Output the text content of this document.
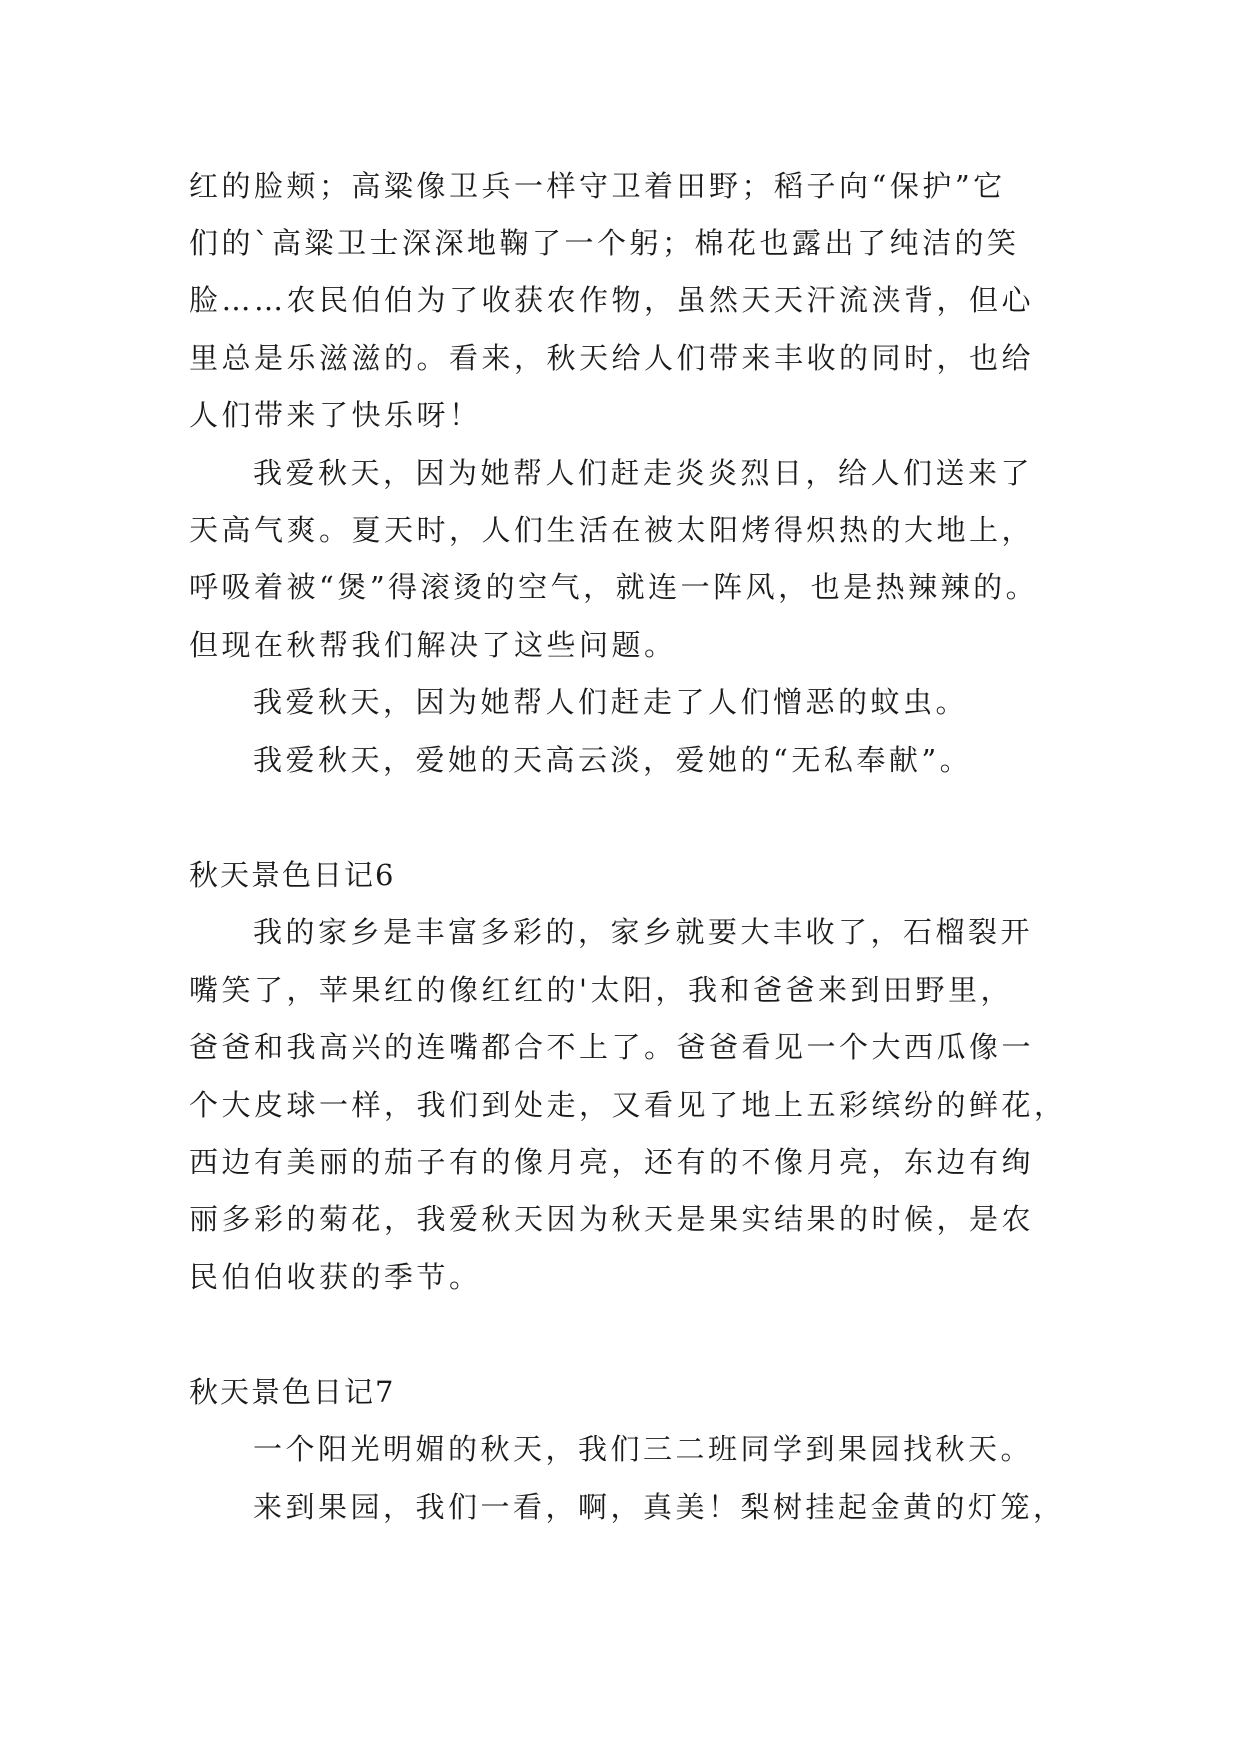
红的脸颊；高粱像卫兵一样守卫着田野；稻子向“保护”它

们的`高粱卫士深深地鞠了一个躬；棉花也露出了纯洁的笑

脸……农民伯伯为了收获农作物，虽然天天汗流浃背，但心

里总是乐滋滋的。看来，秋天给人们带来丰收的同时，也给

人们带来了快乐呀！

我爱秋天，因为她帮人们赶走炎炎烈日，给人们送来了

天高气爽。夏天时，人们生活在被太阳烤得炽热的大地上，

呼吸着被“煲”得滚烫的空气，就连一阵风，也是热辣辣的。

但现在秋帮我们解决了这些问题。

我爱秋天，因为她帮人们赶走了人们憎恶的蚊虫。

我爱秋天，爱她的天高云淡，爱她的“无私奉献”。

秋天景色日记6

我的家乡是丰富多彩的，家乡就要大丰收了，石榴裂开

嘴笑了，苹果红的像红红的'太阳，我和爸爸来到田野里，

爸爸和我高兴的连嘴都合不上了。爸爸看见一个大西瓜像一

个大皮球一样，我们到处走，又看见了地上五彩缤纷的鲜花，

西边有美丽的茄子有的像月亮，还有的不像月亮，东边有绚

丽多彩的菊花，我爱秋天因为秋天是果实结果的时候，是农

民伯伯收获的季节。

秋天景色日记7

一个阳光明媚的秋天，我们三二班同学到果园找秋天。

来到果园，我们一看，啊，真美！梨树挂起金黄的灯笼，
